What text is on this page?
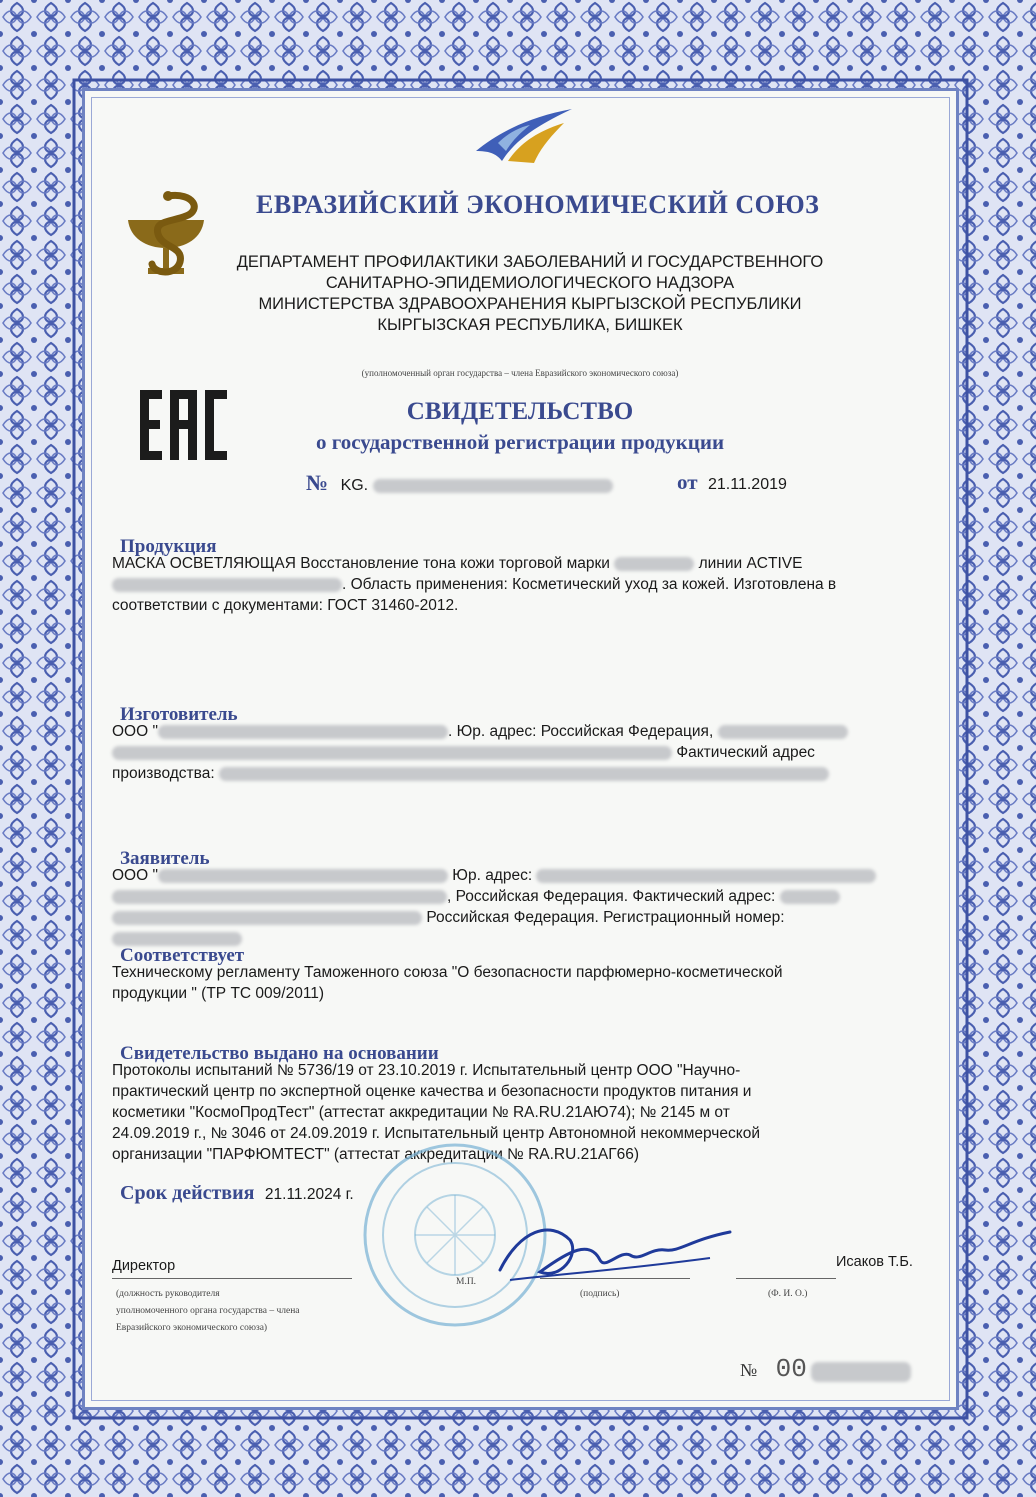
ЕВРАЗИЙСКИЙ ЭКОНОМИЧЕСКИЙ СОЮЗ
ДЕПАРТАМЕНТ ПРОФИЛАКТИКИ ЗАБОЛЕВАНИЙ И ГОСУДАРСТВЕННОГО
САНИТАРНО-ЭПИДЕМИОЛОГИЧЕСКОГО НАДЗОРА
МИНИСТЕРСТВА ЗДРАВООХРАНЕНИЯ КЫРГЫЗСКОЙ РЕСПУБЛИКИ
КЫРГЫЗСКАЯ РЕСПУБЛИКА, БИШКЕК
(уполномоченный орган государства – члена Евразийского экономического союза)
СВИДЕТЕЛЬСТВО
о государственной регистрации продукции
№ KG.	от 21.11.2019
Продукция
МАСКА ОСВЕТЛЯЮЩАЯ Восстановление тона кожи торговой марки	линии ACTIVE
. Область применения: Косметический уход за кожей. Изготовлена в
соответствии с документами: ГОСТ 31460-2012.
Изготовитель
ООО "	. Юр. адрес: Российская Федерация,
Фактический адрес
производства:
Заявитель
ООО "	Юр. адрес:
, Российская Федерация. Фактический адрес:
Российская Федерация. Регистрационный номер:
Соответствует
Техническому регламенту Таможенного союза "О безопасности парфюмерно-косметической
продукции " (ТР ТС 009/2011)
Свидетельство выдано на основании
Протоколы испытаний № 5736/19 от 23.10.2019 г. Испытательный центр ООО "Научно-
практический центр по экспертной оценке качества и безопасности продуктов питания и
косметики "КосмоПродТест" (аттестат аккредитации № RA.RU.21АЮ74); № 2145 м от
24.09.2019 г., № 3046 от 24.09.2019 г. Испытательный центр Автономной некоммерческой
организации "ПАРФЮМТЕСТ" (аттестат аккредитации № RA.RU.21АГ66)
Срок действия 21.11.2024 г.
Директор	Исаков Т.Б.
(должность руководителя
уполномоченного органа государства – члена
Евразийского экономического союза)
М.П.
(подпись)	(Ф. И. О.)
№ 00
